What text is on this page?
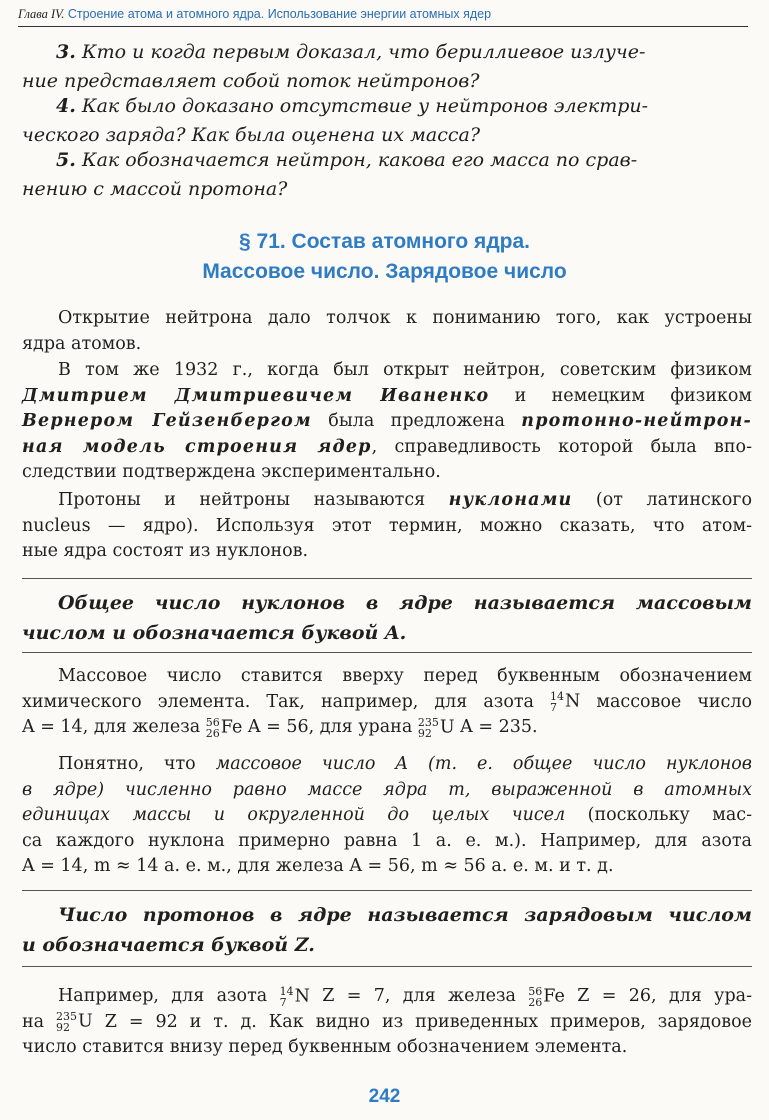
Глава IV. Строение атома и атомного ядра. Использование энергии атомных ядер
3. Кто и когда первым доказал, что бериллиевое излуче-
ние представляет собой поток нейтронов?
4. Как было доказано отсутствие у нейтронов электри-
ческого заряда? Как была оценена их масса?
5. Как обозначается нейтрон, какова его масса по срав-
нению с массой протона?
§ 71. Состав атомного ядра.
Массовое число. Зарядовое число
Открытие нейтрона дало толчок к пониманию того, как устроены
ядра атомов.
В том же 1932 г., когда был открыт нейтрон, советским физиком
Дмитрием Дмитриевичем Иваненко и немецким физиком
Вернером Гейзенбергом была предложена протонно-нейтрон-
ная модель строения ядер, справедливость которой была впо-
следствии подтверждена экспериментально.
Протоны и нейтроны называются нуклонами (от латинского
nucleus — ядро). Используя этот термин, можно сказать, что атом-
ные ядра состоят из нуклонов.
Общее число нуклонов в ядре называется массовым
числом и обозначается буквой A.
Массовое число ставится вверху перед буквенным обозначением
химического элемента. Так, например, для азота 14
7 N массовое число
A = 14, для железа 56
26 Fe A = 56, для урана 235
92 U A = 235.
Понятно, что массовое число A (т. е. общее число нуклонов
в ядре) численно равно массе ядра m, выраженной в атомных
единицах массы и округленной до целых чисел (поскольку мас-
са каждого нуклона примерно равна 1 а. е. м.). Например, для азота
A = 14, m ≈ 14 а. е. м., для железа A = 56, m ≈ 56 а. е. м. и т. д.
Число протонов в ядре называется зарядовым числом
и обозначается буквой Z.
Например, для азота 14
7 N Z = 7, для железа 56
26 Fe Z = 26, для ура-
на 235
92 U Z = 92 и т. д. Как видно из приведенных примеров, зарядовое
число ставится внизу перед буквенным обозначением элемента.
242
